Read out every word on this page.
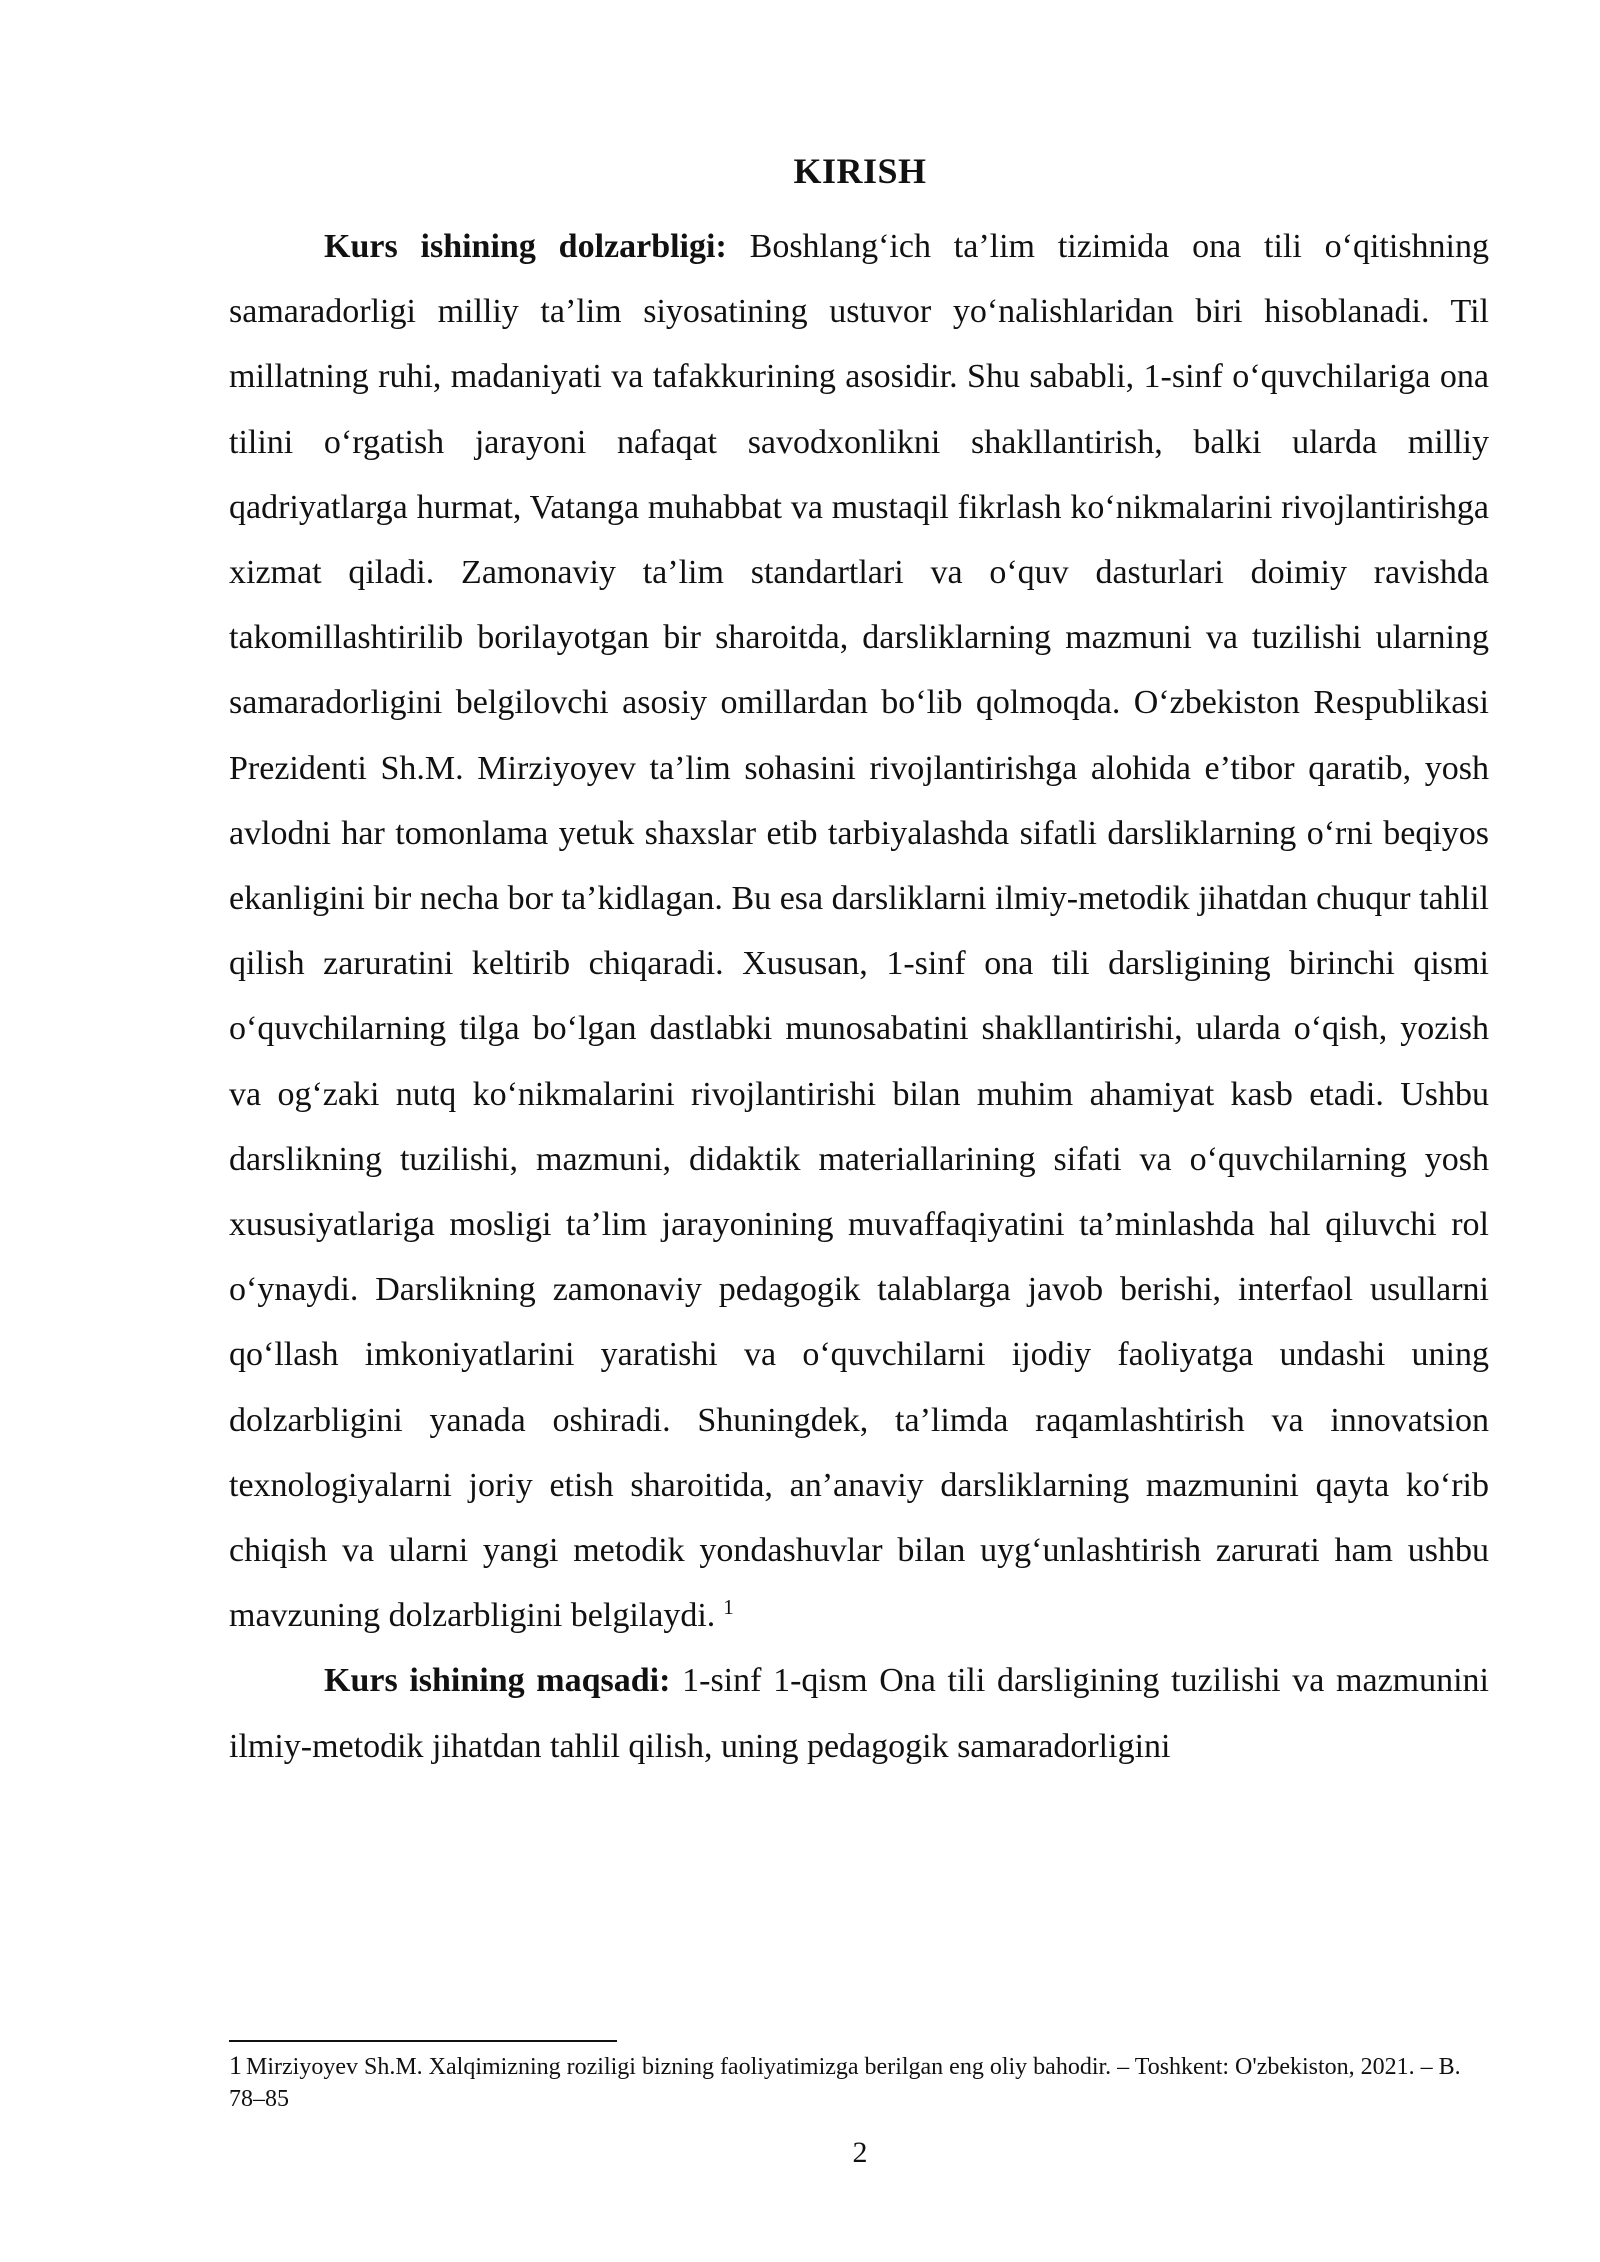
KIRISH

Kurs ishining dolzarbligi: Boshlang‘ich ta’lim tizimida ona tili o‘qitishning samaradorligi milliy ta’lim siyosatining ustuvor yo‘nalishlaridan biri hisoblanadi. Til millatning ruhi, madaniyati va tafakkurining asosidir. Shu sababli, 1-sinf o‘quvchilariga ona tilini o‘rgatish jarayoni nafaqat savodxonlikni shakllantirish, balki ularda milliy qadriyatlarga hurmat, Vatanga muhabbat va mustaqil fikrlash ko‘nikmalarini rivojlantirishga xizmat qiladi. Zamonaviy ta’lim standartlari va o‘quv dasturlari doimiy ravishda takomillashtirilib borilayotgan bir sharoitda, darsliklarning mazmuni va tuzilishi ularning samaradorligini belgilovchi asosiy omillardan bo‘lib qolmoqda. O‘zbekiston Respublikasi Prezidenti Sh.M. Mirziyoyev ta’lim sohasini rivojlantirishga alohida e’tibor qaratib, yosh avlodni har tomonlama yetuk shaxslar etib tarbiyalashda sifatli darsliklarning o‘rni beqiyos ekanligini bir necha bor ta’kidlagan. Bu esa darsliklarni ilmiy-metodik jihatdan chuqur tahlil qilish zaruratini keltirib chiqaradi. Xususan, 1-sinf ona tili darsligining birinchi qismi o‘quvchilarning tilga bo‘lgan dastlabki munosabatini shakllantirishi, ularda o‘qish, yozish va og‘zaki nutq ko‘nikmalarini rivojlantirishi bilan muhim ahamiyat kasb etadi. Ushbu darslikning tuzilishi, mazmuni, didaktik materiallarining sifati va o‘quvchilarning yosh xususiyatlariga mosligi ta’lim jarayonining muvaffaqiyatini ta’minlashda hal qiluvchi rol o‘ynaydi. Darslikning zamonaviy pedagogik talablarga javob berishi, interfaol usullarni qo‘llash imkoniyatlarini yaratishi va o‘quvchilarni ijodiy faoliyatga undashi uning dolzarbligini yanada oshiradi. Shuningdek, ta’limda raqamlashtirish va innovatsion texnologiyalarni joriy etish sharoitida, an’anaviy darsliklarning mazmunini qayta ko‘rib chiqish va ularni yangi metodik yondashuvlar bilan uyg‘unlashtirish zarurati ham ushbu mavzuning dolzarbligini belgilaydi. $^1$

Kurs ishining maqsadi: 1-sinf 1-qism Ona tili darsligining tuzilishi va mazmunini ilmiy-metodik jihatdan tahlil qilish, uning pedagogik samaradorligini

1 Mirziyoyev Sh.M. Xalqimizning roziligi bizning faoliyatimizga berilgan eng oliy bahodir. – Toshkent: O'zbekiston, 2021. – B. 78–85
2
